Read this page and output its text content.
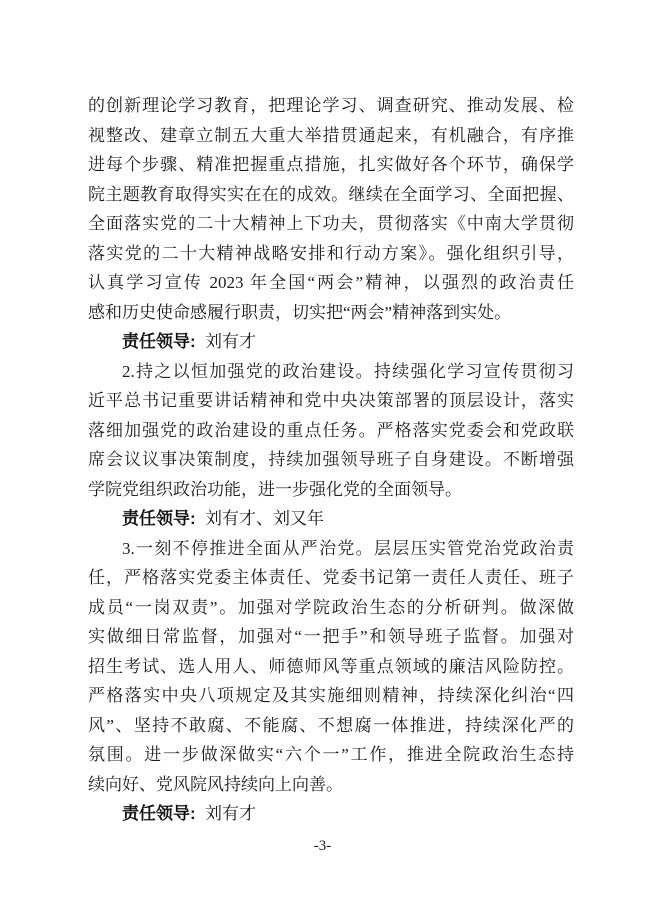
的创新理论学习教育，把理论学习、调查研究、推动发展、检
视整改、建章立制五大重大举措贯通起来，有机融合，有序推
进每个步骤、精准把握重点措施，扎实做好各个环节，确保学
院主题教育取得实实在在的成效。继续在全面学习、全面把握、
全面落实党的二十大精神上下功夫，贯彻落实《中南大学贯彻
落实党的二十大精神战略安排和行动方案》。强化组织引导，
认真学习宣传 2023 年全国“两会”精神，以强烈的政治责任
感和历史使命感履行职责，切实把“两会”精神落到实处。
责任领导: 刘有才
2.持之以恒加强党的政治建设。持续强化学习宣传贯彻习
近平总书记重要讲话精神和党中央决策部署的顶层设计，落实
落细加强党的政治建设的重点任务。严格落实党委会和党政联
席会议议事决策制度，持续加强领导班子自身建设。不断增强
学院党组织政治功能，进一步强化党的全面领导。
责任领导: 刘有才、刘又年
3.一刻不停推进全面从严治党。层层压实管党治党政治责
任，严格落实党委主体责任、党委书记第一责任人责任、班子
成员“一岗双责”。加强对学院政治生态的分析研判。做深做
实做细日常监督，加强对“一把手”和领导班子监督。加强对
招生考试、选人用人、师德师风等重点领域的廉洁风险防控。
严格落实中央八项规定及其实施细则精神，持续深化纠治“四
风”、坚持不敢腐、不能腐、不想腐一体推进，持续深化严的
氛围。进一步做深做实“六个一”工作，推进全院政治生态持
续向好、党风院风持续向上向善。
责任领导: 刘有才
-3-
